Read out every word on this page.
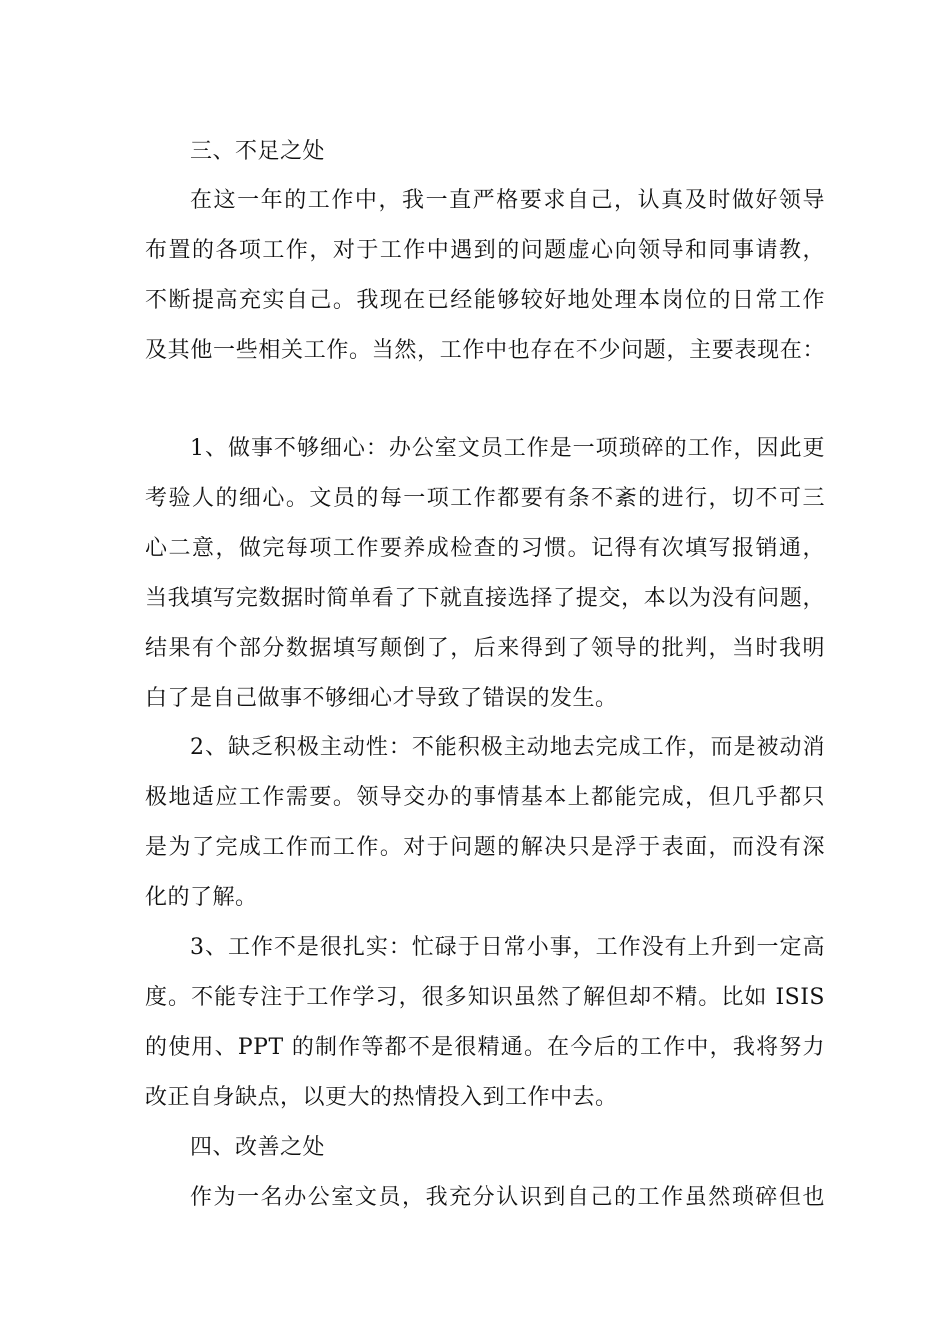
三、不足之处
在这一年的工作中，我一直严格要求自己，认真及时做好领导
布置的各项工作，对于工作中遇到的问题虚心向领导和同事请教，
不断提高充实自己。我现在已经能够较好地处理本岗位的日常工作
及其他一些相关工作。当然，工作中也存在不少问题，主要表现在：
1、做事不够细心：办公室文员工作是一项琐碎的工作，因此更
考验人的细心。文员的每一项工作都要有条不紊的进行，切不可三
心二意，做完每项工作要养成检查的习惯。记得有次填写报销通，
当我填写完数据时简单看了下就直接选择了提交，本以为没有问题，
结果有个部分数据填写颠倒了，后来得到了领导的批判，当时我明
白了是自己做事不够细心才导致了错误的发生。
2、缺乏积极主动性：不能积极主动地去完成工作，而是被动消
极地适应工作需要。领导交办的事情基本上都能完成，但几乎都只
是为了完成工作而工作。对于问题的解决只是浮于表面，而没有深
化的了解。
3、工作不是很扎实：忙碌于日常小事，工作没有上升到一定高
度。不能专注于工作学习，很多知识虽然了解但却不精。比如 ISIS
的使用、PPT 的制作等都不是很精通。在今后的工作中，我将努力
改正自身缺点，以更大的热情投入到工作中去。
四、改善之处
作为一名办公室文员，我充分认识到自己的工作虽然琐碎但也
